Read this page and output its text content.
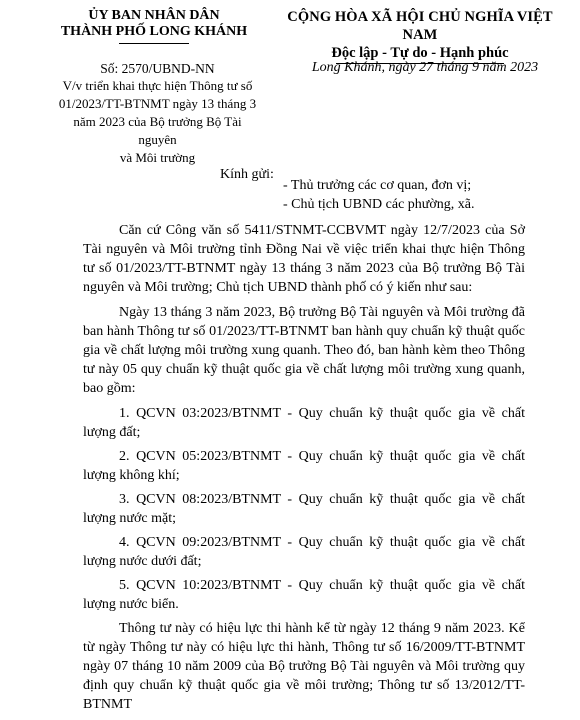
ỦY BAN NHÂN DÂN
THÀNH PHỐ LONG KHÁNH
CỘNG HÒA XÃ HỘI CHỦ NGHĨA VIỆT NAM
Độc lập - Tự do - Hạnh phúc
Số: 2570/UBND-NN
V/v triển khai thực hiện Thông tư số
01/2023/TT-BTNMT ngày 13 tháng 3
năm 2023 của Bộ trưởng Bộ Tài nguyên
và Môi trường
Long Khánh, ngày 27 tháng 9 năm 2023
Kính gửi:
- Thủ trưởng các cơ quan, đơn vị;
- Chủ tịch UBND các phường, xã.

Căn cứ Công văn số 5411/STNMT-CCBVMT ngày 12/7/2023 của Sở Tài nguyên và Môi trường tỉnh Đồng Nai về việc triển khai thực hiện Thông tư số 01/2023/TT-BTNMT ngày 13 tháng 3 năm 2023 của Bộ trưởng Bộ Tài nguyên và Môi trường; Chủ tịch UBND thành phố có ý kiến như sau:

Ngày 13 tháng 3 năm 2023, Bộ trưởng Bộ Tài nguyên và Môi trường đã ban hành Thông tư số 01/2023/TT-BTNMT ban hành quy chuẩn kỹ thuật quốc gia về chất lượng môi trường xung quanh. Theo đó, ban hành kèm theo Thông tư này 05 quy chuẩn kỹ thuật quốc gia về chất lượng môi trường xung quanh, bao gồm:

1. QCVN 03:2023/BTNMT - Quy chuẩn kỹ thuật quốc gia về chất lượng đất;

2. QCVN 05:2023/BTNMT - Quy chuẩn kỹ thuật quốc gia về chất lượng không khí;

3. QCVN 08:2023/BTNMT - Quy chuẩn kỹ thuật quốc gia về chất lượng nước mặt;

4. QCVN 09:2023/BTNMT - Quy chuẩn kỹ thuật quốc gia về chất lượng nước dưới đất;

5. QCVN 10:2023/BTNMT - Quy chuẩn kỹ thuật quốc gia về chất lượng nước biển.

Thông tư này có hiệu lực thi hành kể từ ngày 12 tháng 9 năm 2023. Kể từ ngày Thông tư này có hiệu lực thi hành, Thông tư số 16/2009/TT-BTNMT ngày 07 tháng 10 năm 2009 của Bộ trưởng Bộ Tài nguyên và Môi trường quy định quy chuẩn kỹ thuật quốc gia về môi trường; Thông tư số 13/2012/TT-BTNMT
